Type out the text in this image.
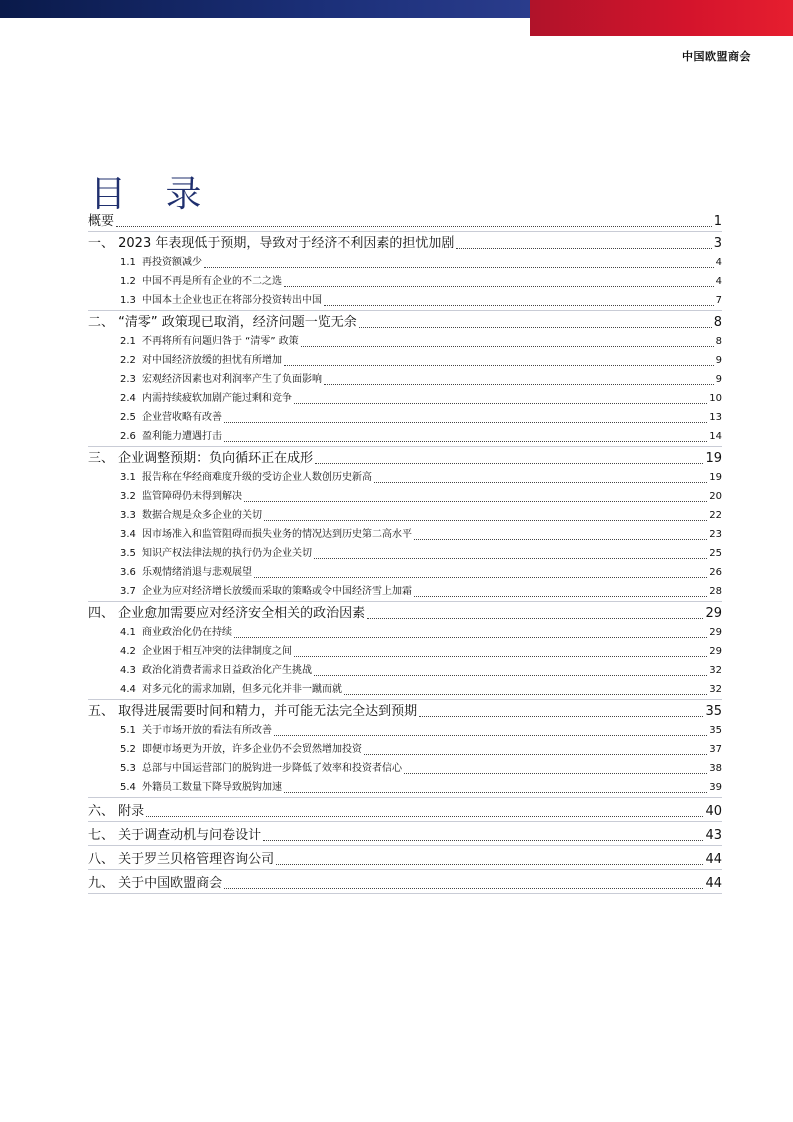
中国欧盟商会
目 录
概要	1
一、 2023 年表现低于预期，导致对于经济不利因素的担忧加剧	3
1.1 再投资额减少	4
1.2 中国不再是所有企业的不二之选	4
1.3 中国本土企业也正在将部分投资转出中国	7
二、 “清零” 政策现已取消，经济问题一览无余	8
2.1 不再将所有问题归咎于 “清零” 政策	8
2.2 对中国经济放缓的担忧有所增加	9
2.3 宏观经济因素也对利润率产生了负面影响	9
2.4 内需持续疲软加剧产能过剩和竞争	10
2.5 企业营收略有改善	13
2.6 盈利能力遭遇打击	14
三、 企业调整预期：负向循环正在成形	19
3.1 报告称在华经商难度升级的受访企业人数创历史新高	19
3.2 监管障碍仍未得到解决	20
3.3 数据合规是众多企业的关切	22
3.4 因市场准入和监管阻碍而损失业务的情况达到历史第二高水平	23
3.5 知识产权法律法规的执行仍为企业关切	25
3.6 乐观情绪消退与悲观展望	26
3.7 企业为应对经济增长放缓而采取的策略或令中国经济雪上加霜	28
四、 企业愈加需要应对经济安全相关的政治因素	29
4.1 商业政治化仍在持续	29
4.2 企业困于相互冲突的法律制度之间	29
4.3 政治化消费者需求日益政治化产生挑战	32
4.4 对多元化的需求加剧，但多元化并非一蹴而就	32
五、 取得进展需要时间和精力，并可能无法完全达到预期	35
5.1 关于市场开放的看法有所改善	35
5.2 即便市场更为开放，许多企业仍不会贸然增加投资	37
5.3 总部与中国运营部门的脱钩进一步降低了效率和投资者信心	38
5.4 外籍员工数量下降导致脱钩加速	39
六、 附录	40
七、 关于调查动机与问卷设计	43
八、 关于罗兰贝格管理咨询公司	44
九、 关于中国欧盟商会	44
